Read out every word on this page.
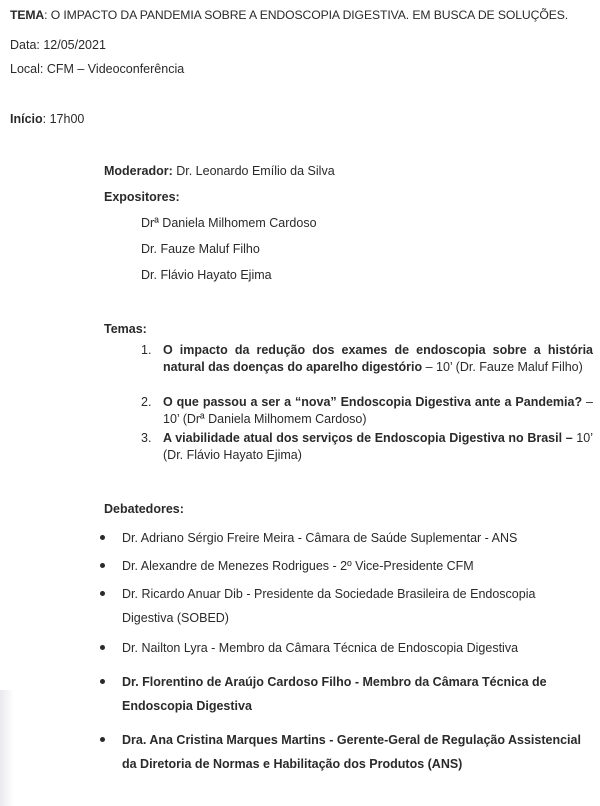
TEMA: O IMPACTO DA PANDEMIA SOBRE A ENDOSCOPIA DIGESTIVA. EM BUSCA DE SOLUÇÕES.
Data: 12/05/2021
Local: CFM – Videoconferência
Início: 17h00
Moderador: Dr. Leonardo Emílio da Silva
Expositores:
Drª Daniela Milhomem Cardoso
Dr. Fauze Maluf Filho
Dr. Flávio Hayato Ejima
Temas:
1. O impacto da redução dos exames de endoscopia sobre a história natural das doenças do aparelho digestório – 10’ (Dr. Fauze Maluf Filho)
2. O que passou a ser a “nova” Endoscopia Digestiva ante a Pandemia? – 10’ (Drª Daniela Milhomem Cardoso)
3. A viabilidade atual dos serviços de Endoscopia Digestiva no Brasil – 10’ (Dr. Flávio Hayato Ejima)
Debatedores:
Dr. Adriano Sérgio Freire Meira - Câmara de Saúde Suplementar - ANS
Dr. Alexandre de Menezes Rodrigues - 2º Vice-Presidente CFM
Dr. Ricardo Anuar Dib - Presidente da Sociedade Brasileira de Endoscopia Digestiva (SOBED)
Dr. Nailton Lyra - Membro da Câmara Técnica de Endoscopia Digestiva
Dr. Florentino de Araújo Cardoso Filho - Membro da Câmara Técnica de Endoscopia Digestiva
Dra. Ana Cristina Marques Martins - Gerente-Geral de Regulação Assistencial da Diretoria de Normas e Habilitação dos Produtos (ANS)
